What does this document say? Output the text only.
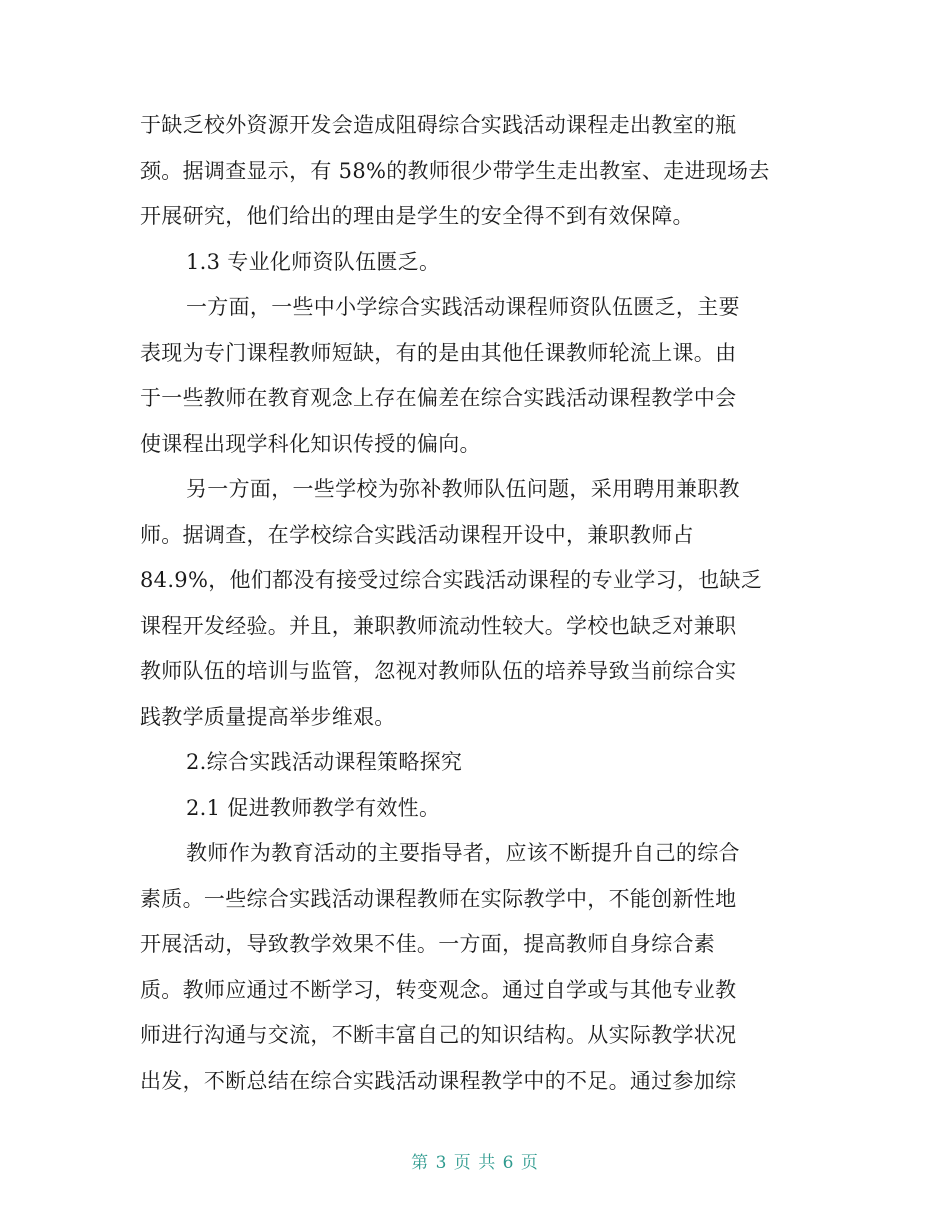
于缺乏校外资源开发会造成阻碍综合实践活动课程走出教室的瓶
颈。据调查显示，有 58%的教师很少带学生走出教室、走进现场去
开展研究，他们给出的理由是学生的安全得不到有效保障。
1.3 专业化师资队伍匮乏。
一方面，一些中小学综合实践活动课程师资队伍匮乏，主要
表现为专门课程教师短缺，有的是由其他任课教师轮流上课。由
于一些教师在教育观念上存在偏差在综合实践活动课程教学中会
使课程出现学科化知识传授的偏向。
另一方面，一些学校为弥补教师队伍问题，采用聘用兼职教
师。据调查，在学校综合实践活动课程开设中，兼职教师占
84.9%，他们都没有接受过综合实践活动课程的专业学习，也缺乏
课程开发经验。并且，兼职教师流动性较大。学校也缺乏对兼职
教师队伍的培训与监管，忽视对教师队伍的培养导致当前综合实
践教学质量提高举步维艰。
2.综合实践活动课程策略探究
2.1 促进教师教学有效性。
教师作为教育活动的主要指导者，应该不断提升自己的综合
素质。一些综合实践活动课程教师在实际教学中，不能创新性地
开展活动，导致教学效果不佳。一方面，提高教师自身综合素
质。教师应通过不断学习，转变观念。通过自学或与其他专业教
师进行沟通与交流，不断丰富自己的知识结构。从实际教学状况
出发，不断总结在综合实践活动课程教学中的不足。通过参加综
第 3 页 共 6 页
